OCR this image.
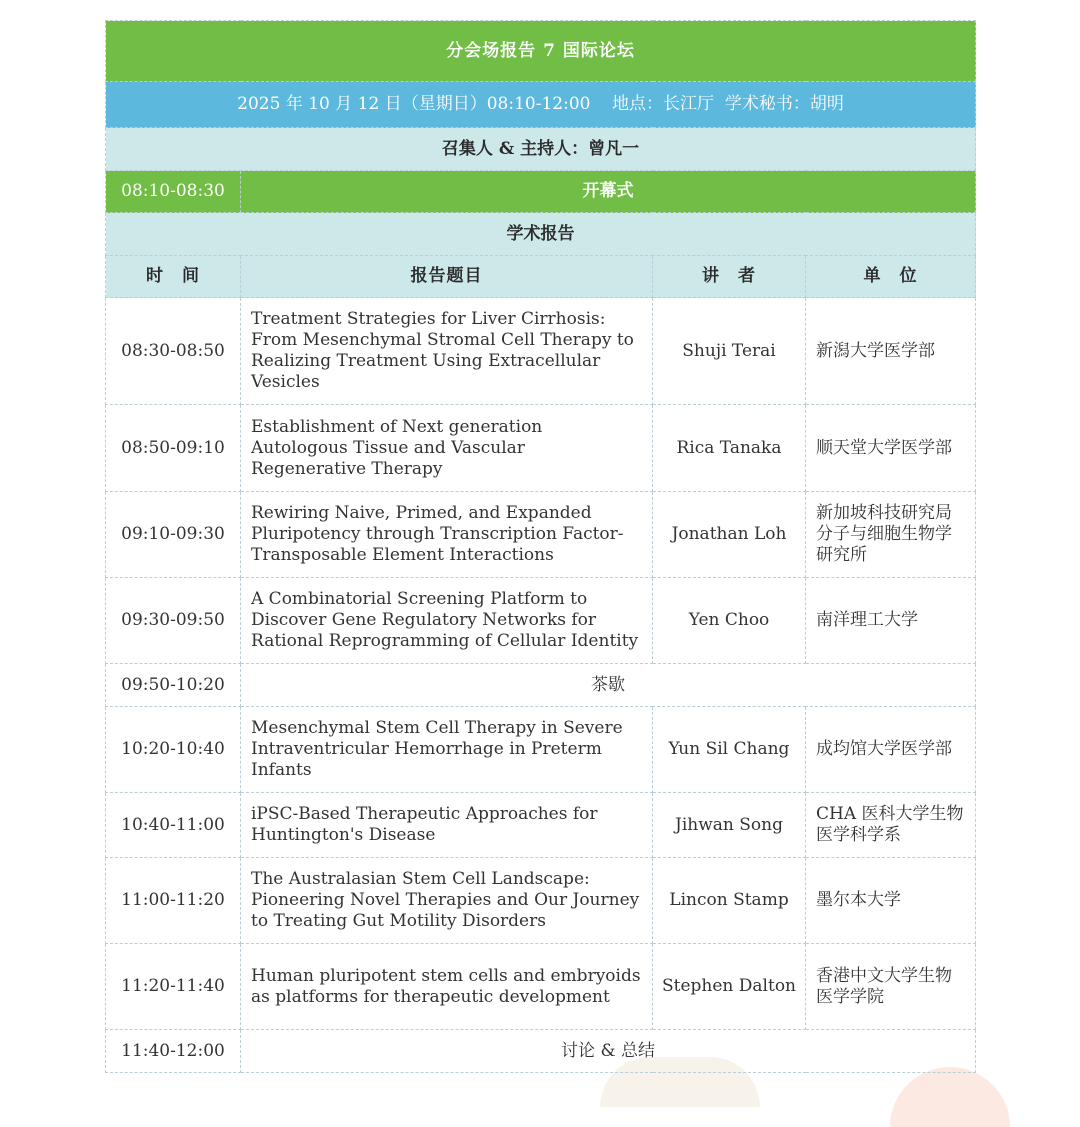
分会场报告 7 国际论坛			
2025 年 10 月 12 日（星期日）08:10-12:00    地点：长江厅  学术秘书：胡明			
召集人 & 主持人：曾凡一			
08:10-08:30	开幕式		
学术报告			
时　间	报告题目	讲　者	单　位
08:30-08:50	Treatment Strategies for Liver Cirrhosis: From Mesenchymal Stromal Cell Therapy to Realizing Treatment Using Extracellular Vesicles	Shuji Terai	新潟大学医学部
08:50-09:10	Establishment of Next generation Autologous Tissue and Vascular Regenerative Therapy	Rica Tanaka	顺天堂大学医学部
09:10-09:30	Rewiring Naive, Primed, and Expanded Pluripotency through Transcription Factor-Transposable Element Interactions	Jonathan Loh	新加坡科技研究局分子与细胞生物学研究所
09:30-09:50	A Combinatorial Screening Platform to Discover Gene Regulatory Networks for Rational Reprogramming of Cellular Identity	Yen Choo	南洋理工大学
09:50-10:20	茶歇		
10:20-10:40	Mesenchymal Stem Cell Therapy in Severe Intraventricular Hemorrhage in Preterm Infants	Yun Sil Chang	成均馆大学医学部
10:40-11:00	iPSC-Based Therapeutic Approaches for Huntington's Disease	Jihwan Song	CHA 医科大学生物医学科学系
11:00-11:20	The Australasian Stem Cell Landscape: Pioneering Novel Therapies and Our Journey to Treating Gut Motility Disorders	Lincon Stamp	墨尔本大学
11:20-11:40	Human pluripotent stem cells and embryoids as platforms for therapeutic development	Stephen Dalton	香港中文大学生物医学学院
11:40-12:00	讨论 & 总结		
